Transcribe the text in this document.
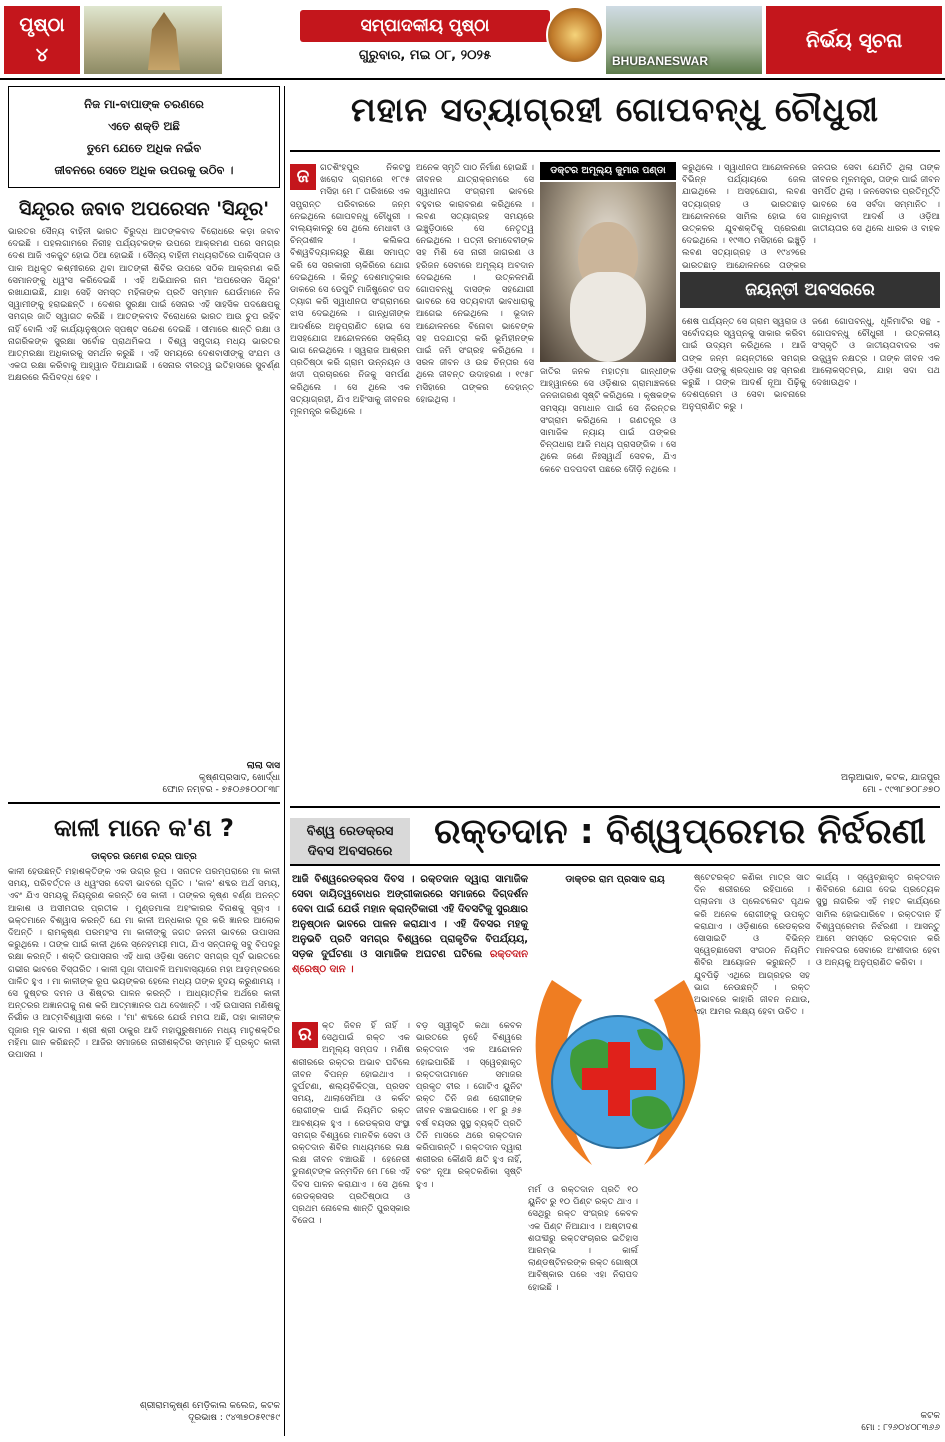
ପୃଷ୍ଠା
୪
ସମ୍ପାଦକୀୟ ପୃଷ୍ଠା
ଗୁରୁବାର, ମଇ ୦୮, ୨୦୨୫	BHUBANESWAR
ନିର୍ଭୟ ସୂଚନା
ନିଜ ମା-ବାପାଙ୍କ ଚରଣରେ
ଏତେ ଶକ୍ତି ଅଛି
ତୁମେ ଯେତେ ଅଧିକ ନଇଁବ
ଜୀବନରେ ସେତେ ଅଧିକ ଉପରକୁ ଉଠିବ ।
ସିନ୍ଦୂରର ଜବାବ ଅପରେସନ 'ସିନ୍ଦୂର'
ଭାରତର ସୈନ୍ୟ ବାହିନୀ ଭାରତ ବିରୁଦ୍ଧ ଆତଙ୍କବାଦ ବିରୋଧରେ କଡ଼ା ଜବାବ ଦେଇଛି । ପହଲଗାମରେ ନିରୀହ ପର୍ଯ୍ୟଟକଙ୍କ ଉପରେ ଆକ୍ରମଣ ପରେ ସମଗ୍ର ଦେଶ ଆଜି ଏକଜୁଟ ହୋଇ ଠିଆ ହୋଇଛି । ସୈନ୍ୟ ବାହିନୀ ମଧ୍ୟରାତିରେ ପାକିସ୍ତାନ ଓ ପାକ ଅଧିକୃତ କଶ୍ମୀରରେ ଥିବା ଆତଙ୍କୀ ଶିବିର ଉପରେ ସଠିକ ଆକ୍ରମଣ କରି ସେମାନଙ୍କୁ ଧ୍ୱଂସ କରିଦେଇଛି । ଏହି ଅଭିଯାନର ନାମ 'ଅପରେସନ ସିନ୍ଦୂର' ରଖାଯାଇଛି, ଯାହା ସେହି ସମସ୍ତ ମହିଳାଙ୍କ ପ୍ରତି ସମ୍ମାନ ଯେଉଁମାନେ ନିଜ ସ୍ୱାମୀଙ୍କୁ ହରାଇଛନ୍ତି । ଦେଶର ସୁରକ୍ଷା ପାଇଁ ସେନାର ଏହି ସାହସିକ ପଦକ୍ଷେପକୁ ସମଗ୍ର ଜାତି ସ୍ୱାଗତ କରିଛି । ଆତଙ୍କବାଦ ବିରୋଧରେ ଭାରତ ଆଉ ଚୁପ ରହିବ ନାହିଁ ବୋଲି ଏହି କାର୍ଯ୍ୟାନୁଷ୍ଠାନ ସ୍ପଷ୍ଟ ସନ୍ଦେଶ ଦେଇଛି । ସୀମାରେ ଶାନ୍ତି ରକ୍ଷା ଓ ନାଗରିକଙ୍କ ସୁରକ୍ଷା ସର୍ବୋଚ୍ଚ ପ୍ରାଥମିକତା । ବିଶ୍ୱ ସମୁଦାୟ ମଧ୍ୟ ଭାରତର ଆତ୍ମରକ୍ଷା ଅଧିକାରକୁ ସମର୍ଥନ କରୁଛି । ଏହି ସମୟରେ ଦେଶବାସୀଙ୍କୁ ସଂଯମ ଓ ଏକତା ରକ୍ଷା କରିବାକୁ ଆହ୍ୱାନ ଦିଆଯାଇଛି । ସେନାର ବୀରତ୍ୱ ଇତିହାସରେ ସୁବର୍ଣ୍ଣ ଅକ୍ଷରରେ ଲିପିବଦ୍ଧ ହେବ ।
ଲାଲା ଦାସ
କୃଷ୍ଣପ୍ରସାଦ, ଖୋର୍ଦ୍ଧା
ଫୋନ ନମ୍ବର - ୭୫୦୬୫୦୦୮୩୮
କାଳୀ ମାନେ କ'ଣ ?
ଡାକ୍ତର ଉମେଶ ଚନ୍ଦ୍ର ପାତ୍ର
କାଳୀ ହେଉଛନ୍ତି ମହାଶକ୍ତିଙ୍କ ଏକ ଉଗ୍ର ରୂପ । ସନାତନ ପରମ୍ପରାରେ ମା କାଳୀ ସମୟ, ପରିବର୍ତ୍ତନ ଓ ଧ୍ୱଂସର ଦେବୀ ଭାବରେ ପୂଜିତ । 'କାଳ' ଶବ୍ଦର ଅର୍ଥ ସମୟ, ଏବଂ ଯିଏ ସମୟକୁ ନିୟନ୍ତ୍ରଣ କରନ୍ତି ସେ କାଳୀ । ତାଙ୍କର କୃଷ୍ଣ ବର୍ଣ୍ଣ ଅନନ୍ତ ଆକାଶ ଓ ଅସୀମତାର ପ୍ରତୀକ । ମୁଣ୍ଡମାଳା ଅହଂକାରର ବିନାଶକୁ ସୂଚାଏ । ଭକ୍ତମାନେ ବିଶ୍ୱାସ କରନ୍ତି ଯେ ମା କାଳୀ ଅନ୍ଧକାର ଦୂର କରି ଜ୍ଞାନର ଆଲୋକ ଦିଅନ୍ତି । ରାମକୃଷ୍ଣ ପରମହଂସ ମା କାଳୀଙ୍କୁ ଜଗତ ଜନନୀ ଭାବରେ ଉପାସନା କରୁଥିଲେ । ତାଙ୍କ ପାଇଁ କାଳୀ ଥିଲେ ସ୍ନେହମୟୀ ମାତା, ଯିଏ ସନ୍ତାନକୁ ସବୁ ବିପଦରୁ ରକ୍ଷା କରନ୍ତି । ଶକ୍ତି ଉପାସନାର ଏହି ଧାରା ଓଡ଼ିଶା ସମେତ ସମଗ୍ର ପୂର୍ବ ଭାରତରେ ଗଭୀର ଭାବରେ ବିସ୍ତାରିତ । କାଳୀ ପୂଜା ଦୀପାବଳି ଅମାବାସ୍ୟାରେ ମହା ଆଡ଼ମ୍ବରରେ ପାଳିତ ହୁଏ । ମା କାଳୀଙ୍କ ରୂପ ଭୟଙ୍କର ହେଲେ ମଧ୍ୟ ତାଙ୍କ ହୃଦୟ କରୁଣାମୟ । ସେ ଦୁଷ୍ଟର ଦମନ ଓ ଶିଷ୍ଟର ପାଳନ କରନ୍ତି । ଆଧ୍ୟାତ୍ମିକ ଅର୍ଥରେ କାଳୀ ଅନ୍ତରର ଅଜ୍ଞାନତାକୁ ନାଶ କରି ଆତ୍ମଜ୍ଞାନର ପଥ ଦେଖାନ୍ତି । ଏହି ଉପାସନା ମଣିଷକୁ ନିର୍ଭୀକ ଓ ଆତ୍ମବିଶ୍ୱାସୀ କରେ । 'ମା' ଶବ୍ଦରେ ଯେଉଁ ମମତା ଅଛି, ତାହା କାଳୀଙ୍କ ପୂଜାର ମୂଳ ଭାବନା । ଶ୍ରୀ ଶ୍ରୀ ଠାକୁର ଆଦି ମହାପୁରୁଷମାନେ ମଧ୍ୟ ମାତୃଶକ୍ତିର ମହିମା ଗାନ କରିଛନ୍ତି । ଆଜିର ସମାଜରେ ନାରୀଶକ୍ତିର ସମ୍ମାନ ହିଁ ପ୍ରକୃତ କାଳୀ ଉପାସନା ।
ଶ୍ରୀରାମକୃଷ୍ଣ ମେଡ଼ିକାଲ କଲେଜ, କଟକ
ଦୂରଭାଷ : ୯୪୩୭୦୫୧୯୫୯
ମହାନ ସତ୍ୟାଗ୍ରହୀ ଗୋପବନ୍ଧୁ ଚୌଧୁରୀ
ଜ	ଗତଶିଂହପୁର ନିକଟସ୍ଥ ଖରୋଦ ଗ୍ରାମରେ ୧୮୯୫ ମସିହା ମେ ୮ ତାରିଖରେ ଏକ ସମ୍ଭ୍ରାନ୍ତ ପରିବାରରେ ଜନ୍ମ ନେଇଥିଲେ ଗୋପବନ୍ଧୁ ଚୌଧୁରୀ । ବାଲ୍ୟକାଳରୁ ସେ ଥିଲେ ମେଧାବୀ ଓ ଚିନ୍ତାଶୀଳ । କଲିକତା ବିଶ୍ୱବିଦ୍ୟାଳୟରୁ ଶିକ୍ଷା ସମାପ୍ତ କରି ସେ ସରକାରୀ ଚାକିରିରେ ଯୋଗ ଦେଇଥିଲେ । କିନ୍ତୁ ଦେଶମାତୃକାର ଡାକରେ ସେ ଡେପୁଟି ମାଜିଷ୍ଟ୍ରେଟ ପଦ ତ୍ୟାଗ କରି ସ୍ୱାଧୀନତା ସଂଗ୍ରାମରେ ଝାସ ଦେଇଥିଲେ । ଗାନ୍ଧିଜୀଙ୍କ ଆଦର୍ଶରେ ଅନୁପ୍ରାଣିତ ହୋଇ ସେ ଅସହଯୋଗ ଆନ୍ଦୋଳନରେ ସକ୍ରିୟ ଭାଗ ନେଇଥିଲେ । ସ୍ୱରାଜ ଆଶ୍ରମ ପ୍ରତିଷ୍ଠା କରି ଗ୍ରାମ ଉନ୍ନୟନ ଓ ଖଦୀ ପ୍ରଚାରରେ ନିଜକୁ ସମର୍ପଣ କରିଥିଲେ । ସେ ଥିଲେ ଏକ ସତ୍ୟାଗ୍ରହୀ, ଯିଏ ଅହିଂସାକୁ ଜୀବନର ମୂଳମନ୍ତ୍ର କରିଥିଲେ ।
ଅନେକ ସ୍ମୃତି ପାଠ ନିର୍ମାଣ ହୋଇଛି । ଜୀବନର ଯାତ୍ରାକ୍ରମରେ ସେ ସ୍ୱାଧୀନତା ସଂଗ୍ରାମୀ ଭାବରେ ବହୁବାର କାରାବରଣ କରିଥିଲେ । ଲବଣ ସତ୍ୟାଗ୍ରହ ସମୟରେ ଇଞ୍ଚୁଡ଼ିଠାରେ ସେ ନେତୃତ୍ୱ ନେଇଥିଲେ । ପତ୍ନୀ ରମାଦେବୀଙ୍କ ସହ ମିଶି ସେ ନାରୀ ଜାଗରଣ ଓ ହରିଜନ ସେବାରେ ଅମୂଲ୍ୟ ଅବଦାନ ଦେଇଥିଲେ । ଉତ୍କଳମଣି ଗୋପବନ୍ଧୁ ଦାସଙ୍କ ସହଯୋଗୀ ଭାବରେ ସେ ସତ୍ୟବାଦୀ ଭାବଧାରାକୁ ଆଗେଇ ନେଇଥିଲେ । ଭୂଦାନ ଆନ୍ଦୋଳନରେ ବିନୋବା ଭାବେଙ୍କ ସହ ପଦଯାତ୍ରା କରି ଭୂମିହୀନଙ୍କ ପାଇଁ ଜମି ସଂଗ୍ରହ କରିଥିଲେ । ସରଳ ଜୀବନ ଓ ଉଚ୍ଚ ଚିନ୍ତାର ସେ ଥିଲେ ଜୀବନ୍ତ ଉଦାହରଣ । ୧୯୫୮ ମସିହାରେ ତାଙ୍କର ଦେହାନ୍ତ ହୋଇଥିଲା ।
ଡକ୍ଟର ଅମୂଲ୍ୟ କୁମାର ପଣ୍ଡା
ଜାତିର ଜନକ ମହାତ୍ମା ଗାନ୍ଧୀଙ୍କ ଆହ୍ୱାନରେ ସେ ଓଡ଼ିଶାର ଗ୍ରାମାଞ୍ଚଳରେ ଜନଜାଗରଣ ସୃଷ୍ଟି କରିଥିଲେ । କୃଷକଙ୍କ ସମସ୍ୟା ସମାଧାନ ପାଇଁ ସେ ନିରନ୍ତର ସଂଗ୍ରାମ କରିଥିଲେ । ଗଣତନ୍ତ୍ର ଓ ସାମାଜିକ ନ୍ୟାୟ ପାଇଁ ତାଙ୍କର ଚିନ୍ତାଧାରା ଆଜି ମଧ୍ୟ ପ୍ରାସଙ୍ଗିକ । ସେ ଥିଲେ ଜଣେ ନିଃସ୍ୱାର୍ଥ ସେବକ, ଯିଏ କେବେ ପଦପଦବୀ ପଛରେ ଦୌଡ଼ି ନଥିଲେ ।
କରୁଥିଲେ । ସ୍ୱାଧୀନତା ଆନ୍ଦୋଳନରେ ବିଭିନ୍ନ ପର୍ଯ୍ୟାୟରେ ଜେଲ ଯାଇଥିଲେ । ଅସହଯୋଗ, ଲବଣ ସତ୍ୟାଗ୍ରହ ଓ ଭାରତଛାଡ଼ ଆନ୍ଦୋଳନରେ ସାମିଲ ହୋଇ ସେ ଉତ୍କଳର ଯୁବଶକ୍ତିକୁ ପ୍ରେରଣା ଦେଇଥିଲେ । ୧୯୩୦ ମସିହାରେ ଇଞ୍ଚୁଡ଼ି ଲବଣ ସତ୍ୟାଗ୍ରହ ଓ ୧୯୪୨ରେ ଭାରତଛାଡ଼ ଆନ୍ଦୋଳନରେ ତାଙ୍କର
ଜନତାର ସେବା ଯେମିତି ଥିଲା ତାଙ୍କ ଜୀବନର ମୂଳମନ୍ତ୍ର, ତାଙ୍କ ପାଇଁ ଜୀବନ ସମର୍ପିତ ଥିଲା । ଜନସେବାର ପ୍ରତିମୂର୍ତ୍ତି ଭାବରେ ସେ ସର୍ବଦା ସମ୍ମାନିତ । ଗାନ୍ଧିବାଦୀ ଆଦର୍ଶ ଓ ଓଡ଼ିଆ ଜାତୀୟତାର ସେ ଥିଲେ ଧାରକ ଓ ବାହକ ।
ଜୟନ୍ତୀ ଅବସରରେ
ଶେଷ ପର୍ଯ୍ୟନ୍ତ ସେ ଗ୍ରାମ ସ୍ୱରାଜ ଓ ସର୍ବୋଦୟର ସ୍ୱପ୍ନକୁ ସାକାର କରିବା ପାଇଁ ଉଦ୍ୟମ କରିଥିଲେ । ଆଜି ତାଙ୍କ ଜନ୍ମ ଜୟନ୍ତୀରେ ସମଗ୍ର ଓଡ଼ିଶା ତାଙ୍କୁ ଶ୍ରଦ୍ଧାର ସହ ସ୍ମରଣ କରୁଛି । ତାଙ୍କ ଆଦର୍ଶ ନୂଆ ପିଢ଼ିକୁ ଦେଶପ୍ରେମ ଓ ସେବା ଭାବନାରେ ଅନୁପ୍ରାଣିତ କରୁ ।
ଜଣେ ଗୋପବନ୍ଧୁ, ଧୂଳିମାଟିର ସନ୍ଥ - ଗୋପବନ୍ଧୁ ଚୌଧୁରୀ । ଉତ୍କଳୀୟ ସଂସ୍କୃତି ଓ ଜାତୀୟତାବାଦର ଏକ ଉଜ୍ଜ୍ୱଳ ନକ୍ଷତ୍ର । ତାଙ୍କ ଜୀବନ ଏକ ଆଲୋକସ୍ତମ୍ଭ, ଯାହା ସଦା ପଥ ଦେଖାଉଥିବ ।
ଅଲୁଆଭାବ, କଟକ, ଯାଜପୁର
ମୋ - ୯୯୩୮୭୦୮୬୭୦
ବିଶ୍ୱ ରେଡକ୍ରସ
ଦିବସ ଅବସରରେ	ରକ୍ତଦାନ : ବିଶ୍ୱପ୍ରେମର ନିର୍ଝରଣୀ
ଆଜି ବିଶ୍ୱରେଡକ୍ରସ ଦିବସ । ରକ୍ତଦାନ ଦ୍ୱାରା ସାମାଜିକ ସେବା ଦାୟିତ୍ୱବୋଧର ଅଙ୍ଗୀକାରରେ ସମାଜରେ ଦିଗ୍‌ଦର୍ଶନ ଦେବା ପାଇଁ ଯେଉଁ ମହାନ କ୍ରାନ୍ତିକାରୀ ଏହି ଦିବସଟିକୁ ସୁରକ୍ଷାର ଅନୁଷ୍ଠାନ ଭାବରେ ପାଳନ କରାଯାଏ । ଏହି ଦିବସର ମହକୁ ଅନୁଭବି ପ୍ରତି ସମଗ୍ର ବିଶ୍ୱରେ ପ୍ରାକୃତିକ ବିପର୍ଯ୍ୟୟ, ସଡ଼କ ଦୁର୍ଘଟଣା ଓ ସାମାଜିକ ଅଘଟଣ ଘଟିଲେ ରକ୍ତଦାନ ଶ୍ରେଷ୍ଠ ଦାନ ।
ଡାକ୍ତର ରାମ ପ୍ରସାଦ ରାୟ
ର	କ୍ତ ଜିବନ ହିଁ ନାହିଁ । ସେଥିପାଇଁ ରକ୍ତ ଏକ ଅମୂଲ୍ୟ ସମ୍ପଦ । ମଣିଷ ଶରୀରରେ ରକ୍ତର ଅଭାବ ଘଟିଲେ ଜୀବନ ବିପନ୍ନ ହୋଇଥାଏ । ଦୁର୍ଘଟଣା, ଶଲ୍ୟଚିକିତ୍ସା, ପ୍ରସବ ସମୟ, ଥାଲାସେମିଆ ଓ କର୍କଟ ରୋଗୀଙ୍କ ପାଇଁ ନିୟମିତ ରକ୍ତ ଆବଶ୍ୟକ ହୁଏ । ରେଡକ୍ରସ ସଂସ୍ଥା ସମଗ୍ର ବିଶ୍ୱରେ ମାନବିକ ସେବା ଓ ରକ୍ତଦାନ ଶିବିର ମାଧ୍ୟମରେ ଲକ୍ଷ ଲକ୍ଷ ଜୀବନ ବଞ୍ଚାଉଛି । ହେନେରୀ ଡୁନାଣ୍ଟଙ୍କ ଜନ୍ମଦିନ ମେ ୮ରେ ଏହି ଦିବସ ପାଳନ କରାଯାଏ । ସେ ଥିଲେ ରେଡକ୍ରସର ପ୍ରତିଷ୍ଠାତା ଓ ପ୍ରଥମ ନୋବେଲ ଶାନ୍ତି ପୁରସ୍କାର ବିଜେତା ।
ବଡ଼ ସ୍ୱୀକୃତି କଥା କେବଳ ଭାରତରେ ନୁହେଁ ବିଶ୍ୱରେ ରକ୍ତଦାନ ଏକ ଆନ୍ଦୋଳନ ହୋଇପାରିଛି । ସ୍ୱେଚ୍ଛାକୃତ ରକ୍ତଦାତାମାନେ ସମାଜର ପ୍ରକୃତ ବୀର । ଗୋଟିଏ ୟୁନିଟ ରକ୍ତ ତିନି ଜଣ ରୋଗୀଙ୍କ ଜୀବନ ବଞ୍ଚାଇପାରେ । ୧୮ ରୁ ୬୫ ବର୍ଷ ବୟସର ସୁସ୍ଥ ବ୍ୟକ୍ତି ପ୍ରତି ତିନି ମାସରେ ଥରେ ରକ୍ତଦାନ କରିପାରନ୍ତି । ରକ୍ତଦାନ ଦ୍ୱାରା ଶରୀରର କୌଣସି କ୍ଷତି ହୁଏ ନାହିଁ, ବରଂ ନୂଆ ରକ୍ତକଣିକା ସୃଷ୍ଟି ହୁଏ ।
ମର୍ମ ଓ ରକ୍ତଦାନ ପ୍ରତି ୧୦ ୟୁନିଟ ରୁ ୧୦ ପିଣ୍ଟ ରକ୍ତ ଥାଏ । ସେଥିରୁ ରକ୍ତ ସଂଗ୍ରହ କେବଳ ଏକ ପିଣ୍ଟ ନିଆଯାଏ । ଅଷ୍ଟାଦଶ ଶତାବ୍ଦୀରୁ ରକ୍ତସଂଚାରର ଇତିହାସ ଆରମ୍ଭ । କାର୍ଲ ଲାଣ୍ଡଷ୍ଟିନରଙ୍କ ରକ୍ତ ଗୋଷ୍ଠୀ ଆବିଷ୍କାର ପରେ ଏହା ନିରାପଦ ହୋଇଛି ।
ଷ୍ଟେଟରକ୍ତ କଣିକା ମାତ୍ର ସାତ ଦିନ ଶରୀରରେ ରହିପାରେ । ପ୍ଲାଜମା ଓ ପ୍ଲେଟଲେଟ ପୃଥକ କରି ଅନେକ ରୋଗୀଙ୍କୁ ଉପକୃତ କରାଯାଏ । ଓଡ଼ିଶାରେ ରେଡକ୍ରସ ସୋସାଇଟି ଓ ବିଭିନ୍ନ ସ୍ୱେଚ୍ଛାସେବୀ ସଂଗଠନ ନିୟମିତ ଶିବିର ଆୟୋଜନ କରୁଛନ୍ତି । ଯୁବପିଢ଼ି ଏଥିରେ ଆଗ୍ରହର ସହ ଭାଗ ନେଉଛନ୍ତି । ରକ୍ତ ଅଭାବରେ କାହାରି ଜୀବନ ନଯାଉ, ଏହା ଆମର ଲକ୍ଷ୍ୟ ହେବା ଉଚିତ ।
କାର୍ଯ୍ୟ । ସ୍ୱେଚ୍ଛାକୃତ ରକ୍ତଦାନ ଶିବିରରେ ଯୋଗ ଦେଇ ପ୍ରତ୍ୟେକ ସୁସ୍ଥ ନାଗରିକ ଏହି ମହତ କାର୍ଯ୍ୟରେ ସାମିଲ ହୋଇପାରିବେ । ରକ୍ତଦାନ ହିଁ ବିଶ୍ୱପ୍ରେମର ନିର୍ଝରଣୀ । ଆସନ୍ତୁ ଆମେ ସମସ୍ତେ ରକ୍ତଦାନ କରି ମାନବତାର ସେବାରେ ଅଂଶୀଦାର ହେବା ଓ ଅନ୍ୟକୁ ଅନୁପ୍ରାଣିତ କରିବା ।
କଟକ
ମୋ : ୮୨୬୦୪୦୮୩୬୬
